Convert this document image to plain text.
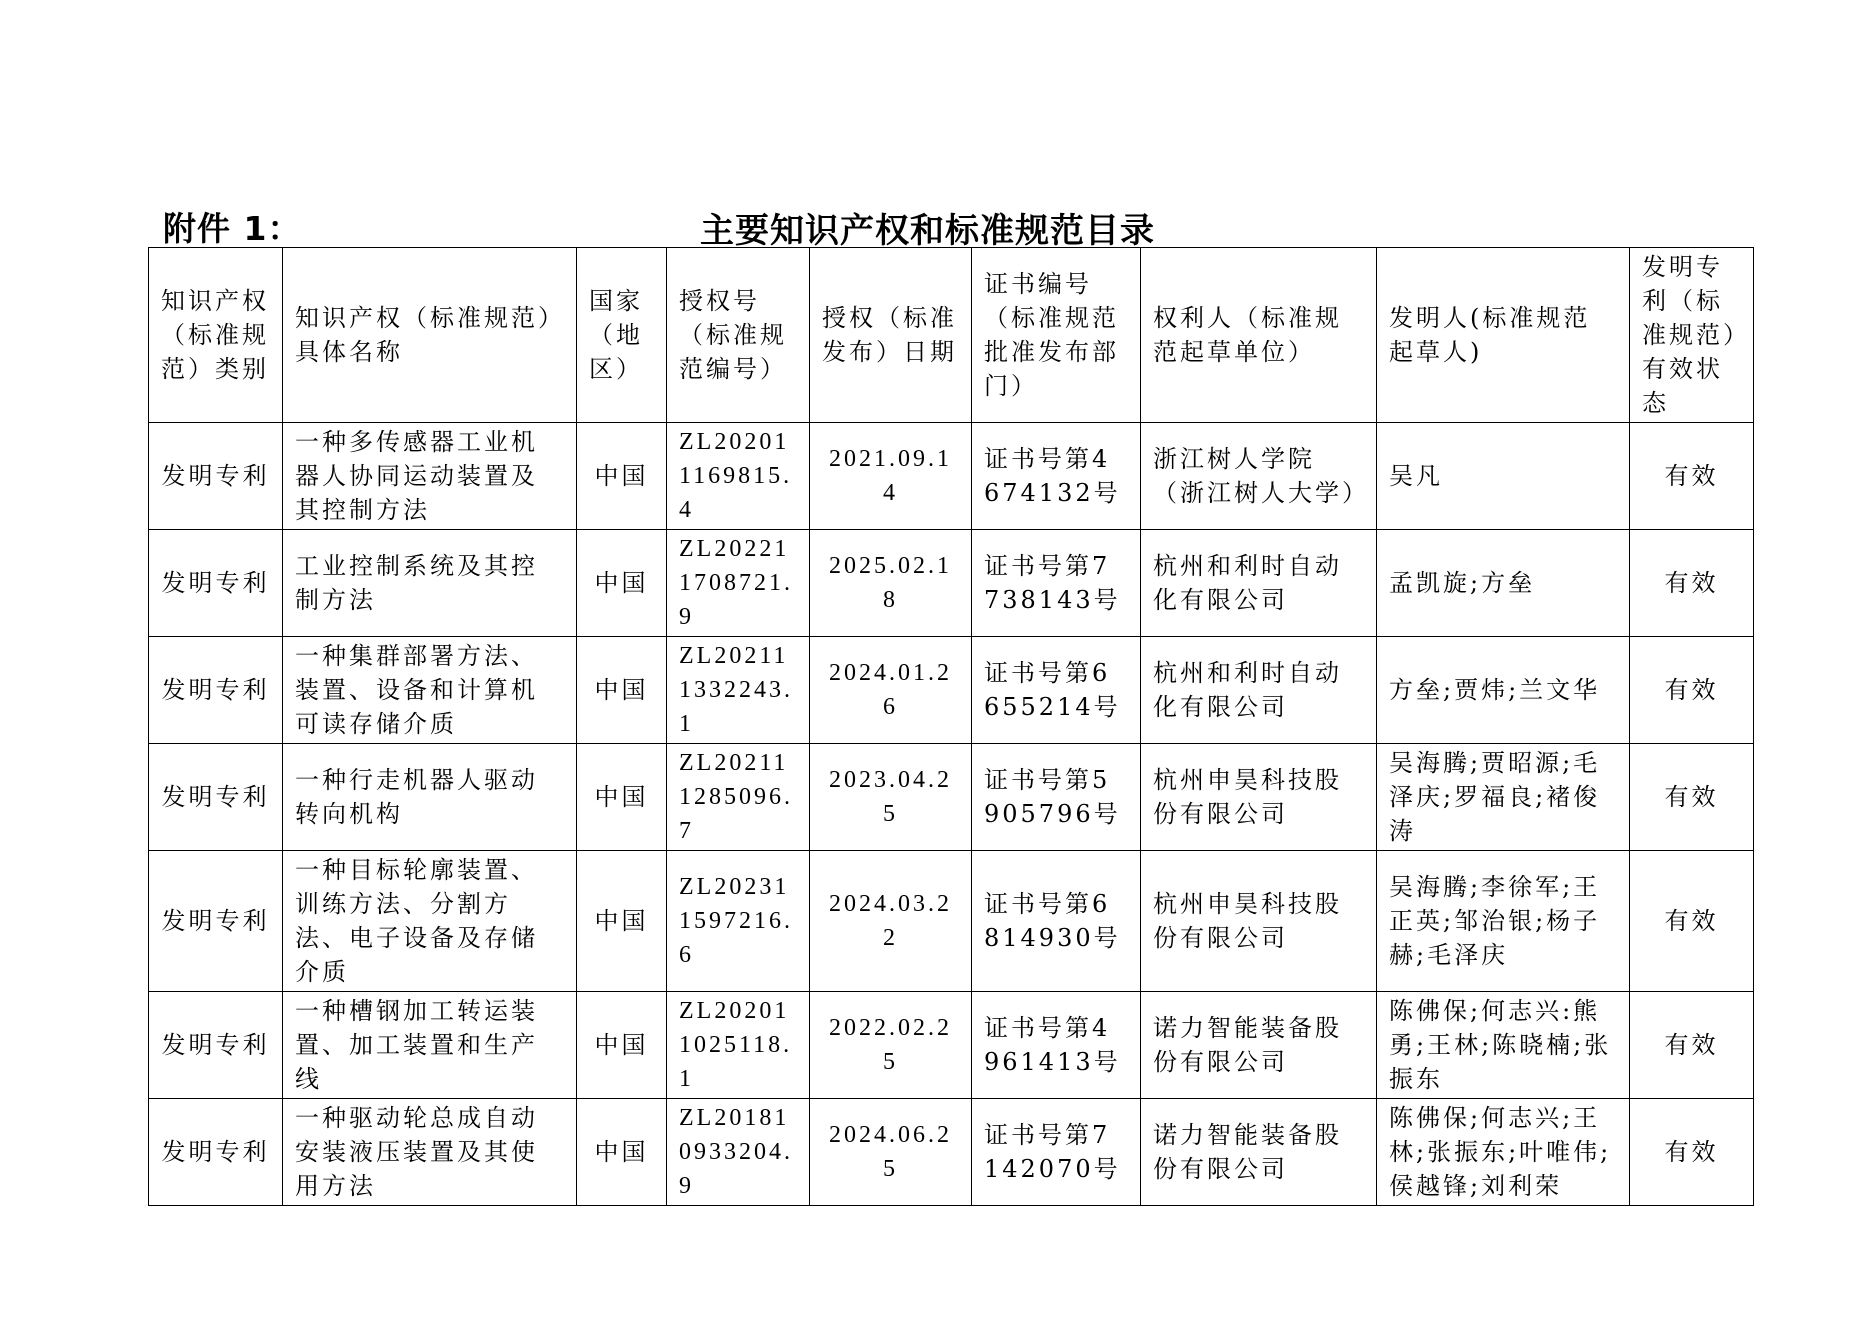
附件 1：	主要知识产权和标准规范目录
知识产权（标准规范）类别	知识产权（标准规范）具体名称	国家（地区）	授权号（标准规范编号）	授权（标准发布）日期	证书编号（标准规范批准发布部门）	权利人（标准规范起草单位）	发明人(标准规范起草人)	发明专利（标准规范）有效状态
发明专利	一种多传感器工业机器人协同运动装置及其控制方法	中国	ZL202011169815.4	2021.09.14	证书号第4674132号	浙江树人学院（浙江树人大学）	吴凡	有效
发明专利	工业控制系统及其控制方法	中国	ZL202211708721.9	2025.02.18	证书号第7738143号	杭州和利时自动化有限公司	孟凯旋;方垒	有效
发明专利	一种集群部署方法、装置、设备和计算机可读存储介质	中国	ZL202111332243.1	2024.01.26	证书号第6655214号	杭州和利时自动化有限公司	方垒;贾炜;兰文华	有效
发明专利	一种行走机器人驱动转向机构	中国	ZL202111285096.7	2023.04.25	证书号第5905796号	杭州申昊科技股份有限公司	吴海腾;贾昭源;毛泽庆;罗福良;褚俊涛	有效
发明专利	一种目标轮廓装置、训练方法、分割方法、电子设备及存储介质	中国	ZL202311597216.6	2024.03.22	证书号第6814930号	杭州申昊科技股份有限公司	吴海腾;李徐军;王正英;邹治银;杨子赫;毛泽庆	有效
发明专利	一种槽钢加工转运装置、加工装置和生产线	中国	ZL202011025118.1	2022.02.25	证书号第4961413号	诺力智能装备股份有限公司	陈佛保;何志兴:熊勇;王林;陈晓楠;张振东	有效
发明专利	一种驱动轮总成自动安装液压装置及其使用方法	中国	ZL201810933204.9	2024.06.25	证书号第7142070号	诺力智能装备股份有限公司	陈佛保;何志兴;王林;张振东;叶唯伟;侯越锋;刘利荣	有效
